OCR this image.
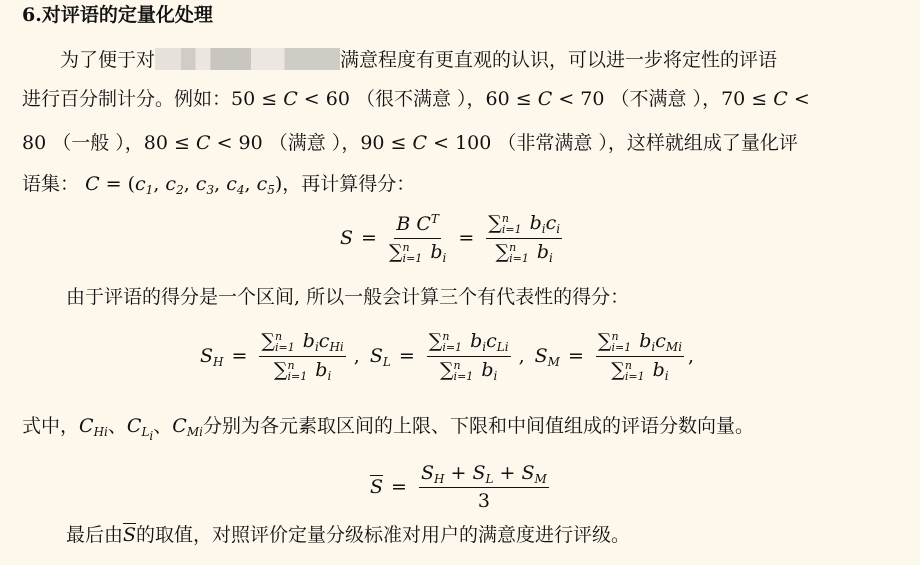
6.对评语的定量化处理
为了便于对	满意程度有更直观的认识，可以进一步将定性的评语
进行百分制计分。例如：50 ≤ C < 60 （很不满意 ），60 ≤ C < 70 （不满意 ），70 ≤ C <
80 （一般 ），80 ≤ C < 90 （满意 ），90 ≤ C < 100 （非常满意 ），这样就组成了量化评
语集： $C = (c_1$, $c_2$, $c_3$, $c_4$, $c_5$)，再计算得分：
S = B $C^T$
∑ n
i=1 $b_i$ = ∑ n
i=1 $b_ic_i$
∑ n
i=1 $b_i$
由于评语的得分是一个区间, 所以一般会计算三个有代表性的得分：
$S_H$ = ∑ n
i=1 $b_ic_{Hi}$
∑ n
i=1 $b_i$ , $S_L$ = ∑ n
i=1 $b_ic_{Li}$
∑ n
i=1 $b_i$ , $S_M$ = ∑ n
i=1 $b_ic_{Mi}$
∑ n
i=1 $b_i$ ,
式中，$C_{Hi}$、$C_{L_i}$、$C_{Mi}$分别为各元素取区间的上限、下限和中间值组成的评语分数向量。
$\overline{S} = \frac{S_H + S_L + S_M}{3}$
最后由$\overline{S}$的取值，对照评价定量分级标准对用户的满意度进行评级。
